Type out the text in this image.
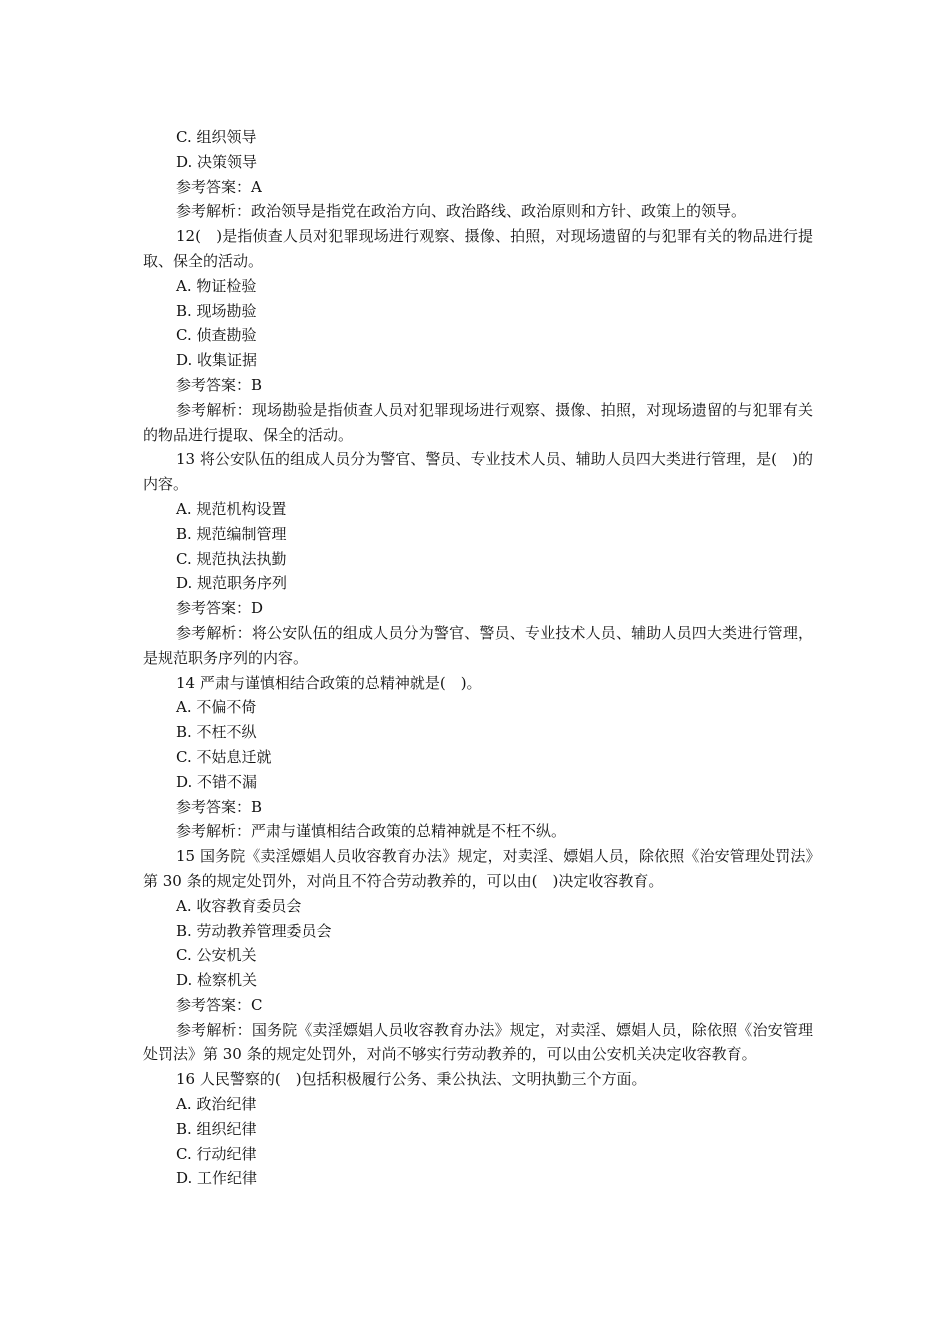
C. 组织领导

D. 决策领导

参考答案：A

参考解析：政治领导是指党在政治方向、政治路线、政治原则和方针、政策上的领导。

12(　)是指侦查人员对犯罪现场进行观察、摄像、拍照，对现场遗留的与犯罪有关的物品进行提取、保全的活动。

A. 物证检验

B. 现场勘验

C. 侦查勘验

D. 收集证据

参考答案：B

参考解析：现场勘验是指侦查人员对犯罪现场进行观察、摄像、拍照，对现场遗留的与犯罪有关的物品进行提取、保全的活动。

13 将公安队伍的组成人员分为警官、警员、专业技术人员、辅助人员四大类进行管理，是(　)的内容。

A. 规范机构设置

B. 规范编制管理

C. 规范执法执勤

D. 规范职务序列

参考答案：D

参考解析：将公安队伍的组成人员分为警官、警员、专业技术人员、辅助人员四大类进行管理，是规范职务序列的内容。

14 严肃与谨慎相结合政策的总精神就是(　)。

A. 不偏不倚

B. 不枉不纵

C. 不姑息迁就

D. 不错不漏

参考答案：B

参考解析：严肃与谨慎相结合政策的总精神就是不枉不纵。

15 国务院《卖淫嫖娼人员收容教育办法》规定，对卖淫、嫖娼人员，除依照《治安管理处罚法》第 30 条的规定处罚外，对尚且不符合劳动教养的，可以由(　)决定收容教育。

A. 收容教育委员会

B. 劳动教养管理委员会

C. 公安机关

D. 检察机关

参考答案：C

参考解析：国务院《卖淫嫖娼人员收容教育办法》规定，对卖淫、嫖娼人员，除依照《治安管理处罚法》第 30 条的规定处罚外，对尚不够实行劳动教养的，可以由公安机关决定收容教育。

16 人民警察的(　)包括积极履行公务、秉公执法、文明执勤三个方面。

A. 政治纪律

B. 组织纪律

C. 行动纪律

D. 工作纪律
